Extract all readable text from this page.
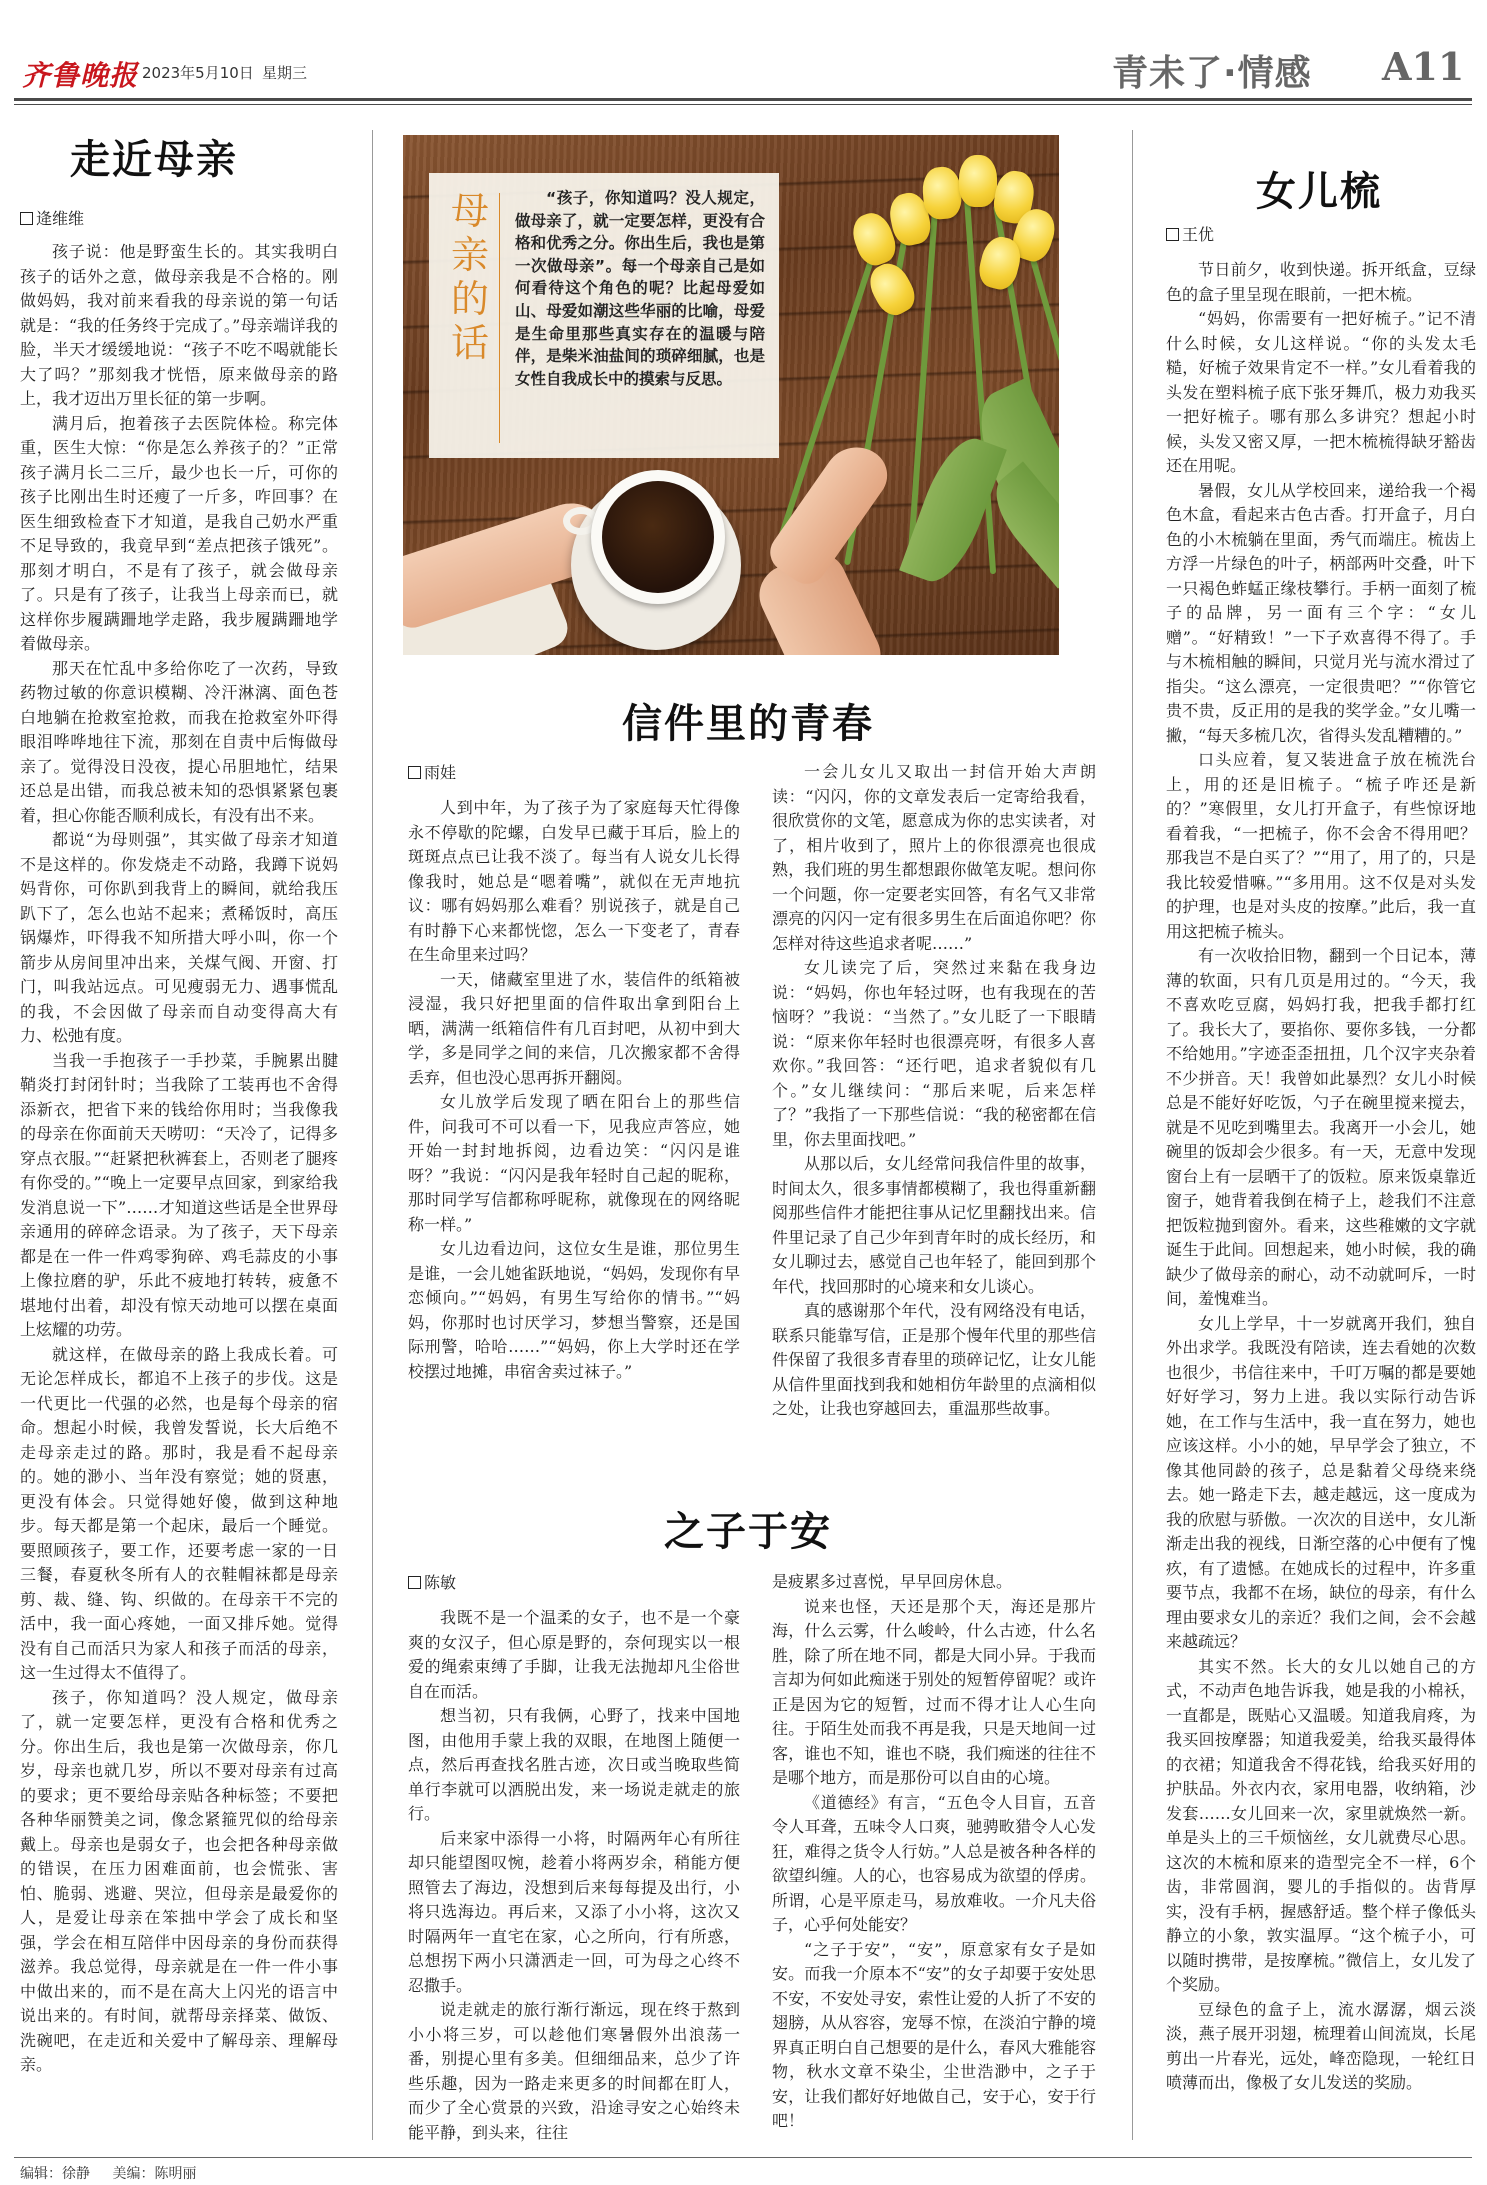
齐鲁晚报 2023年5月10日 星期三	青未了·情感 A11
走近母亲
逄维维

孩子说：他是野蛮生长的。其实我明白孩子的话外之意，做母亲我是不合格的。刚做妈妈，我对前来看我的母亲说的第一句话就是：“我的任务终于完成了。”母亲端详我的脸，半天才缓缓地说：“孩子不吃不喝就能长大了吗？”那刻我才恍悟，原来做母亲的路上，我才迈出万里长征的第一步啊。

满月后，抱着孩子去医院体检。称完体重，医生大惊：“你是怎么养孩子的？”正常孩子满月长二三斤，最少也长一斤，可你的孩子比刚出生时还瘦了一斤多，咋回事？在医生细致检查下才知道，是我自己奶水严重不足导致的，我竟早到“差点把孩子饿死”。那刻才明白，不是有了孩子，就会做母亲了。只是有了孩子，让我当上母亲而已，就这样你步履蹒跚地学走路，我步履蹒跚地学着做母亲。

那天在忙乱中多给你吃了一次药，导致药物过敏的你意识模糊、冷汗淋漓、面色苍白地躺在抢救室抢救，而我在抢救室外吓得眼泪哗哗地往下流，那刻在自责中后悔做母亲了。觉得没日没夜，提心吊胆地忙，结果还总是出错，而我总被未知的恐惧紧紧包裹着，担心你能否顺利成长，有没有出不来。

都说“为母则强”，其实做了母亲才知道不是这样的。你发烧走不动路，我蹲下说妈妈背你，可你趴到我背上的瞬间，就给我压趴下了，怎么也站不起来；煮稀饭时，高压锅爆炸，吓得我不知所措大呼小叫，你一个箭步从房间里冲出来，关煤气阀、开窗、打门，叫我站远点。可见瘦弱无力、遇事慌乱的我，不会因做了母亲而自动变得高大有力、松弛有度。

当我一手抱孩子一手抄菜，手腕累出腱鞘炎打封闭针时；当我除了工装再也不舍得添新衣，把省下来的钱给你用时；当我像我的母亲在你面前天天唠叨：“天冷了，记得多穿点衣服。”“赶紧把秋裤套上，否则老了腿疼有你受的。”“晚上一定要早点回家，到家给我发消息说一下”……才知道这些话是全世界母亲通用的碎碎念语录。为了孩子，天下母亲都是在一件一件鸡零狗碎、鸡毛蒜皮的小事上像拉磨的驴，乐此不疲地打转转，疲惫不堪地付出着，却没有惊天动地可以摆在桌面上炫耀的功劳。

就这样，在做母亲的路上我成长着。可无论怎样成长，都追不上孩子的步伐。这是一代更比一代强的必然，也是每个母亲的宿命。想起小时候，我曾发誓说，长大后绝不走母亲走过的路。那时，我是看不起母亲的。她的渺小、当年没有察觉；她的贤惠，更没有体会。只觉得她好傻，做到这种地步。每天都是第一个起床，最后一个睡觉。要照顾孩子，要工作，还要考虑一家的一日三餐，春夏秋冬所有人的衣鞋帽袜都是母亲剪、裁、缝、钩、织做的。在母亲干不完的活中，我一面心疼她，一面又排斥她。觉得没有自己而活只为家人和孩子而活的母亲，这一生过得太不值得了。

孩子，你知道吗？没人规定，做母亲了，就一定要怎样，更没有合格和优秀之分。你出生后，我也是第一次做母亲，你几岁，母亲也就几岁，所以不要对母亲有过高的要求；更不要给母亲贴各种标签；不要把各种华丽赞美之词，像念紧箍咒似的给母亲戴上。母亲也是弱女子，也会把各种母亲做的错误，在压力困难面前，也会慌张、害怕、脆弱、逃避、哭泣，但母亲是最爱你的人，是爱让母亲在笨拙中学会了成长和坚强，学会在相互陪伴中因母亲的身份而获得滋养。我总觉得，母亲就是在一件一件小事中做出来的，而不是在高大上闪光的语言中说出来的。有时间，就帮母亲择菜、做饭、洗碗吧，在走近和关爱中了解母亲、理解母亲。

母亲的话
“孩子，你知道吗？没人规定，做母亲了，就一定要怎样，更没有合格和优秀之分。你出生后，我也是第一次做母亲”。每一个母亲自己是如何看待这个角色的呢？比起母爱如山、母爱如潮这些华丽的比喻，母爱是生命里那些真实存在的温暖与陪伴，是柴米油盐间的琐碎细腻，也是女性自我成长中的摸索与反思。
信件里的青春
雨娃

人到中年，为了孩子为了家庭每天忙得像永不停歇的陀螺，白发早已藏于耳后，脸上的斑斑点点已让我不淡了。每当有人说女儿长得像我时，她总是“嗯着嘴”，就似在无声地抗议：哪有妈妈那么难看？别说孩子，就是自己有时静下心来都恍惚，怎么一下变老了，青春在生命里来过吗？

一天，储藏室里进了水，装信件的纸箱被浸湿，我只好把里面的信件取出拿到阳台上晒，满满一纸箱信件有几百封吧，从初中到大学，多是同学之间的来信，几次搬家都不舍得丢弃，但也没心思再拆开翻阅。

女儿放学后发现了晒在阳台上的那些信件，问我可不可以看一下，见我应声答应，她开始一封封地拆阅，边看边笑：“闪闪是谁呀？”我说：“闪闪是我年轻时自己起的昵称，那时同学写信都称呼昵称，就像现在的网络昵称一样。”

女儿边看边问，这位女生是谁，那位男生是谁，一会儿她雀跃地说，“妈妈，发现你有早恋倾向。”“妈妈，有男生写给你的情书。”“妈妈，你那时也讨厌学习，梦想当警察，还是国际刑警，哈哈……”“妈妈，你上大学时还在学校摆过地摊，串宿舍卖过袜子。”

一会儿女儿又取出一封信开始大声朗读：“闪闪，你的文章发表后一定寄给我看，很欣赏你的文笔，愿意成为你的忠实读者，对了，相片收到了，照片上的你很漂亮也很成熟，我们班的男生都想跟你做笔友呢。想问你一个问题，你一定要老实回答，有名气又非常漂亮的闪闪一定有很多男生在后面追你吧？你怎样对待这些追求者呢……”

女儿读完了后，突然过来黏在我身边说：“妈妈，你也年轻过呀，也有我现在的苦恼呀？”我说：“当然了。”女儿眨了一下眼睛说：“原来你年轻时也很漂亮呀，有很多人喜欢你。”我回答：“还行吧，追求者貌似有几个。”女儿继续问：“那后来呢，后来怎样了？”我指了一下那些信说：“我的秘密都在信里，你去里面找吧。”

从那以后，女儿经常问我信件里的故事，时间太久，很多事情都模糊了，我也得重新翻阅那些信件才能把往事从记忆里翻找出来。信件里记录了自己少年到青年时的成长经历，和女儿聊过去，感觉自己也年轻了，能回到那个年代，找回那时的心境来和女儿谈心。

真的感谢那个年代，没有网络没有电话，联系只能靠写信，正是那个慢年代里的那些信件保留了我很多青春里的琐碎记忆，让女儿能从信件里面找到我和她相仿年龄里的点滴相似之处，让我也穿越回去，重温那些故事。

之子于安
陈敏

我既不是一个温柔的女子，也不是一个豪爽的女汉子，但心原是野的，奈何现实以一根爱的绳索束缚了手脚，让我无法抛却凡尘俗世自在而活。

想当初，只有我俩，心野了，找来中国地图，由他用手蒙上我的双眼，在地图上随便一点，然后再查找名胜古迹，次日或当晚取些简单行李就可以洒脱出发，来一场说走就走的旅行。

后来家中添得一小将，时隔两年心有所往却只能望图叹惋，趁着小将两岁余，稍能方便照管去了海边，没想到后来每每提及出行，小将只选海边。再后来，又添了小小将，这次又时隔两年一直宅在家，心之所向，行有所惑，总想拐下两小只潇洒走一回，可为母之心终不忍撒手。

说走就走的旅行渐行渐远，现在终于熬到小小将三岁，可以趁他们寒暑假外出浪荡一番，别提心里有多美。但细细品来，总少了许些乐趣，因为一路走来更多的时间都在盯人，而少了全心赏景的兴致，沿途寻安之心始终未能平静，到头来，往往

是疲累多过喜悦，早早回房休息。

说来也怪，天还是那个天，海还是那片海，什么云雾，什么峻岭，什么古迹，什么名胜，除了所在地不同，都是大同小异。于我而言却为何如此痴迷于别处的短暂停留呢？或许正是因为它的短暂，过而不得才让人心生向往。于陌生处而我不再是我，只是天地间一过客，谁也不知，谁也不晓，我们痴迷的往往不是哪个地方，而是那份可以自由的心境。

《道德经》有言，“五色令人目盲，五音令人耳聋，五味令人口爽，驰骋畋猎令人心发狂，难得之货令人行妨。”人总是被各种各样的欲望纠缠。人的心，也容易成为欲望的俘虏。所谓，心是平原走马，易放难收。一介凡夫俗子，心乎何处能安？

“之子于安”，“安”，原意家有女子是如安。而我一介原本不“安”的女子却要于安处思不安，不安处寻安，索性让爱的人折了不安的翅膀，从从容容，宠辱不惊，在淡泊宁静的境界真正明白自己想要的是什么，春风大雅能容物，秋水文章不染尘，尘世浩渺中，之子于安，让我们都好好地做自己，安于心，安于行吧！

女儿梳
王优

节日前夕，收到快递。拆开纸盒，豆绿色的盒子里呈现在眼前，一把木梳。

“妈妈，你需要有一把好梳子。”记不清什么时候，女儿这样说。“你的头发太毛糙，好梳子效果肯定不一样。”女儿看着我的头发在塑料梳子底下张牙舞爪，极力劝我买一把好梳子。哪有那么多讲究？想起小时候，头发又密又厚，一把木梳梳得缺牙豁齿还在用呢。

暑假，女儿从学校回来，递给我一个褐色木盒，看起来古色古香。打开盒子，月白色的小木梳躺在里面，秀气而端庄。梳齿上方浮一片绿色的叶子，柄部两叶交叠，叶下一只褐色蚱蜢正缘枝攀行。手柄一面刻了梳子的品牌，另一面有三个字：“女儿赠”。“好精致！”一下子欢喜得不得了。手与木梳相触的瞬间，只觉月光与流水滑过了指尖。“这么漂亮，一定很贵吧？”“你管它贵不贵，反正用的是我的奖学金。”女儿嘴一撇，“每天多梳几次，省得头发乱糟糟的。”

口头应着，复又装进盒子放在梳洗台上，用的还是旧梳子。“梳子咋还是新的？”寒假里，女儿打开盒子，有些惊讶地看着我，“一把梳子，你不会舍不得用吧？那我岂不是白买了？”“用了，用了的，只是我比较爱惜嘛。”“多用用。这不仅是对头发的护理，也是对头皮的按摩。”此后，我一直用这把梳子梳头。

有一次收拾旧物，翻到一个日记本，薄薄的软面，只有几页是用过的。“今天，我不喜欢吃豆腐，妈妈打我，把我手都打红了。我长大了，要掐你、要你多钱，一分都不给她用。”字迹歪歪扭扭，几个汉字夹杂着不少拼音。天！我曾如此暴烈？女儿小时候总是不能好好吃饭，勺子在碗里搅来搅去，就是不见吃到嘴里去。我离开一小会儿，她碗里的饭却会少很多。有一天，无意中发现窗台上有一层晒干了的饭粒。原来饭桌靠近窗子，她背着我倒在椅子上，趁我们不注意把饭粒抛到窗外。看来，这些稚嫩的文字就诞生于此间。回想起来，她小时候，我的确缺少了做母亲的耐心，动不动就呵斥，一时间，羞愧难当。

女儿上学早，十一岁就离开我们，独自外出求学。我既没有陪读，连去看她的次数也很少，书信往来中，千叮万嘱的都是要她好好学习，努力上进。我以实际行动告诉她，在工作与生活中，我一直在努力，她也应该这样。小小的她，早早学会了独立，不像其他同龄的孩子，总是黏着父母绕来绕去。她一路走下去，越走越远，这一度成为我的欣慰与骄傲。一次次的目送中，女儿渐渐走出我的视线，日渐空落的心中便有了愧疚，有了遗憾。在她成长的过程中，许多重要节点，我都不在场，缺位的母亲，有什么理由要求女儿的亲近？我们之间，会不会越来越疏远？

其实不然。长大的女儿以她自己的方式，不动声色地告诉我，她是我的小棉袄，一直都是，既贴心又温暖。知道我肩疼，为我买回按摩器；知道我爱美，给我买最得体的衣裙；知道我舍不得花钱，给我买好用的护肤品。外衣内衣，家用电器，收纳箱，沙发套……女儿回来一次，家里就焕然一新。单是头上的三千烦恼丝，女儿就费尽心思。这次的木梳和原来的造型完全不一样，6个齿，非常圆润，婴儿的手指似的。齿背厚实，没有手柄，握感舒适。整个样子像低头静立的小象，敦实温厚。“这个梳子小，可以随时携带，是按摩梳。”微信上，女儿发了个奖励。

豆绿色的盒子上，流水潺潺，烟云淡淡，燕子展开羽翅，梳理着山间流岚，长尾剪出一片春光，远处，峰峦隐现，一轮红日喷薄而出，像极了女儿发送的奖励。

编辑：徐静 美编：陈明丽
